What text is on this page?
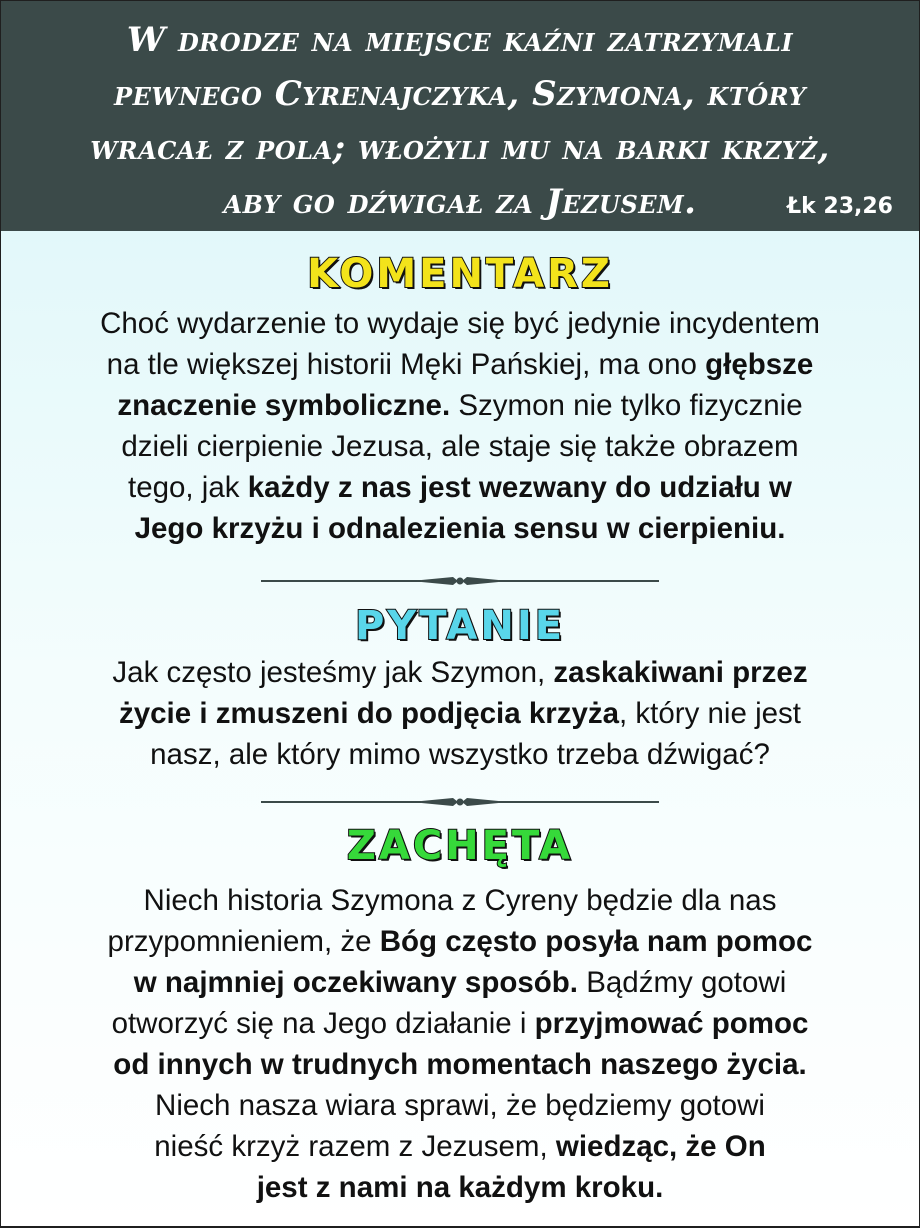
W drodze na miejsce kaźni zatrzymali
pewnego Cyrenajczyka, Szymona, który
wracał z pola; włożyli mu na barki krzyż,
aby go dźwigał za Jezusem.	Łk 23,26
KOMENTARZ

Choć wydarzenie to wydaje się być jedynie incydentem
na tle większej historii Męki Pańskiej, ma ono głębsze
znaczenie symboliczne. Szymon nie tylko fizycznie
dzieli cierpienie Jezusa, ale staje się także obrazem
tego, jak każdy z nas jest wezwany do udziału w
Jego krzyżu i odnalezienia sensu w cierpieniu.

PYTANIE

Jak często jesteśmy jak Szymon, zaskakiwani przez
życie i zmuszeni do podjęcia krzyża, który nie jest
nasz, ale który mimo wszystko trzeba dźwigać?

ZACHĘTA

Niech historia Szymona z Cyreny będzie dla nas
przypomnieniem, że Bóg często posyła nam pomoc
w najmniej oczekiwany sposób. Bądźmy gotowi
otworzyć się na Jego działanie i przyjmować pomoc
od innych w trudnych momentach naszego życia.
Niech nasza wiara sprawi, że będziemy gotowi
nieść krzyż razem z Jezusem, wiedząc, że On
jest z nami na każdym kroku.
